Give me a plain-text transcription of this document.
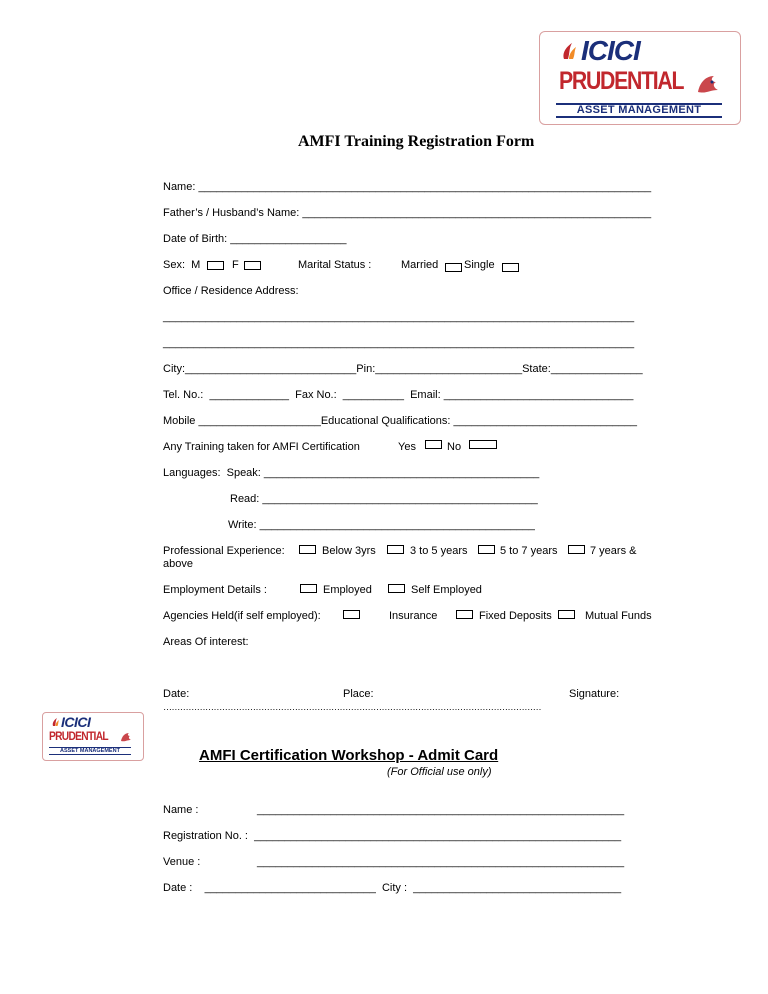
ICICI
PRUDENTIAL
ASSET MANAGEMENT
AMFI Training Registration Form
Name: __________________________________________________________________________
Father’s / Husband’s Name: _________________________________________________________
Date of Birth: ___________________
Sex:  M	F	Marital Status :	Married Single
Office / Residence Address:
_____________________________________________________________________________
_____________________________________________________________________________
City:____________________________Pin:________________________State:_______________
Tel. No.:  _____________  Fax No.:  __________  Email: _______________________________
Mobile ____________________Educational Qualifications: ______________________________
Any Training taken for AMFI Certification	Yes	No
Languages:  Speak: _____________________________________________
Read: _____________________________________________
Write: _____________________________________________
Professional Experience:	Below 3yrs	3 to 5 years	5 to 7 years	7 years &
above
Employment Details :	Employed	Self Employed
Agencies Held(if self employed):	Insurance	Fixed Deposits	Mutual Funds
Areas Of interest:
Date:	Place:	Signature:
………………………………………………………………………………………………………………………
ICICI
PRUDENTIAL
ASSET MANAGEMENT	AMFI Certification Workshop - Admit Card
(For Official use only)
Name :	____________________________________________________________
Registration No. :  ____________________________________________________________
Venue :	____________________________________________________________
Date :    ____________________________  City :  __________________________________
